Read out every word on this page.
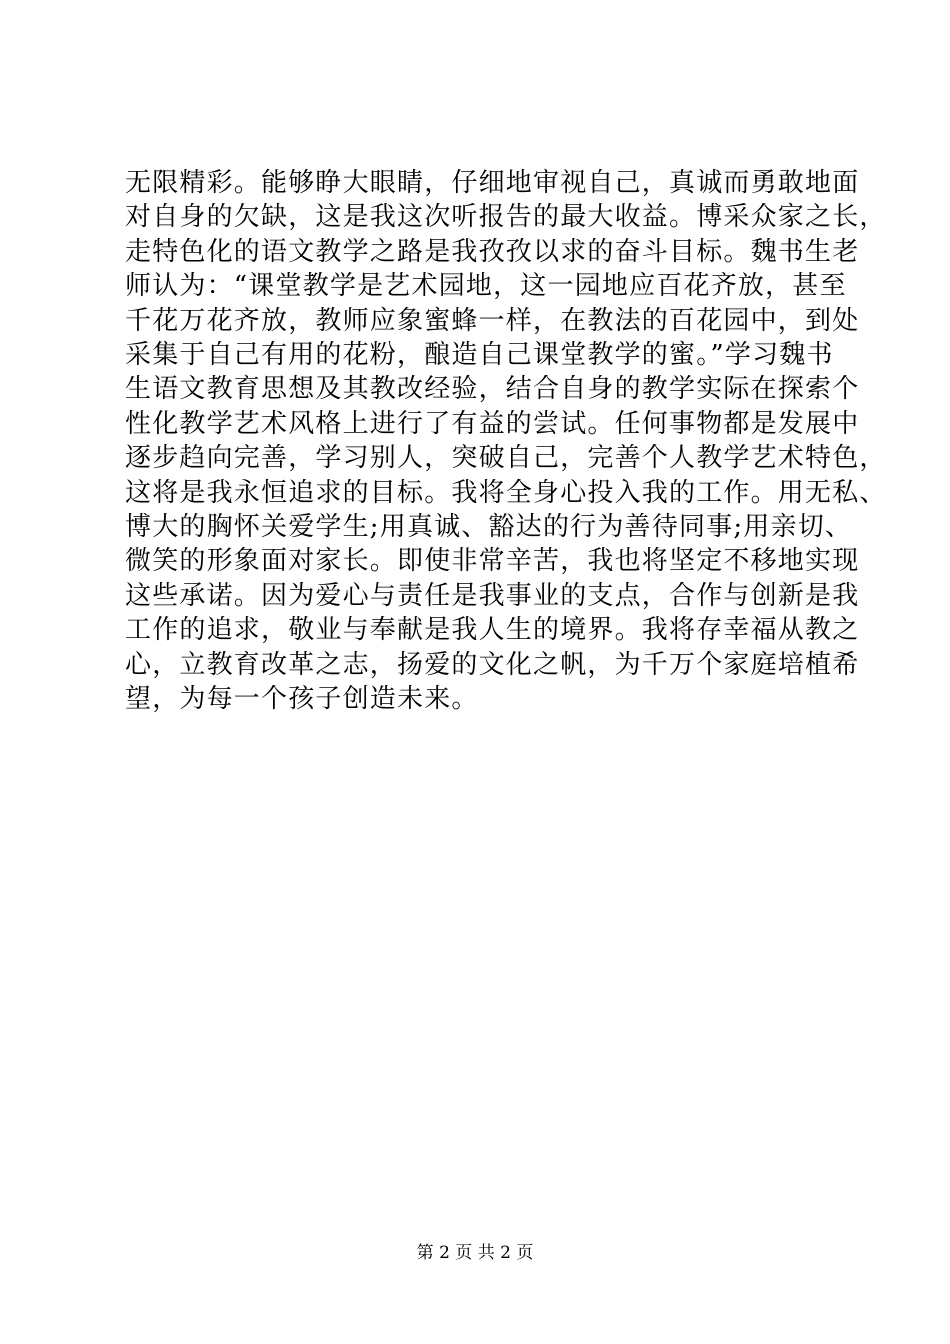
无限精彩。能够睁大眼睛，仔细地审视自己，真诚而勇敢地面
对自身的欠缺，这是我这次听报告的最大收益。博采众家之长，
走特色化的语文教学之路是我孜孜以求的奋斗目标。魏书生老
师认为：“课堂教学是艺术园地，这一园地应百花齐放，甚至
千花万花齐放，教师应象蜜蜂一样，在教法的百花园中，到处
采集于自己有用的花粉，酿造自己课堂教学的蜜。”学习魏书
生语文教育思想及其教改经验，结合自身的教学实际在探索个
性化教学艺术风格上进行了有益的尝试。任何事物都是发展中
逐步趋向完善，学习别人，突破自己，完善个人教学艺术特色，
这将是我永恒追求的目标。我将全身心投入我的工作。用无私、
博大的胸怀关爱学生;用真诚、豁达的行为善待同事;用亲切、
微笑的形象面对家长。即使非常辛苦，我也将坚定不移地实现
这些承诺。因为爱心与责任是我事业的支点，合作与创新是我
工作的追求，敬业与奉献是我人生的境界。我将存幸福从教之
心，立教育改革之志，扬爱的文化之帆，为千万个家庭培植希
望，为每一个孩子创造未来。
第 2 页 共 2 页
